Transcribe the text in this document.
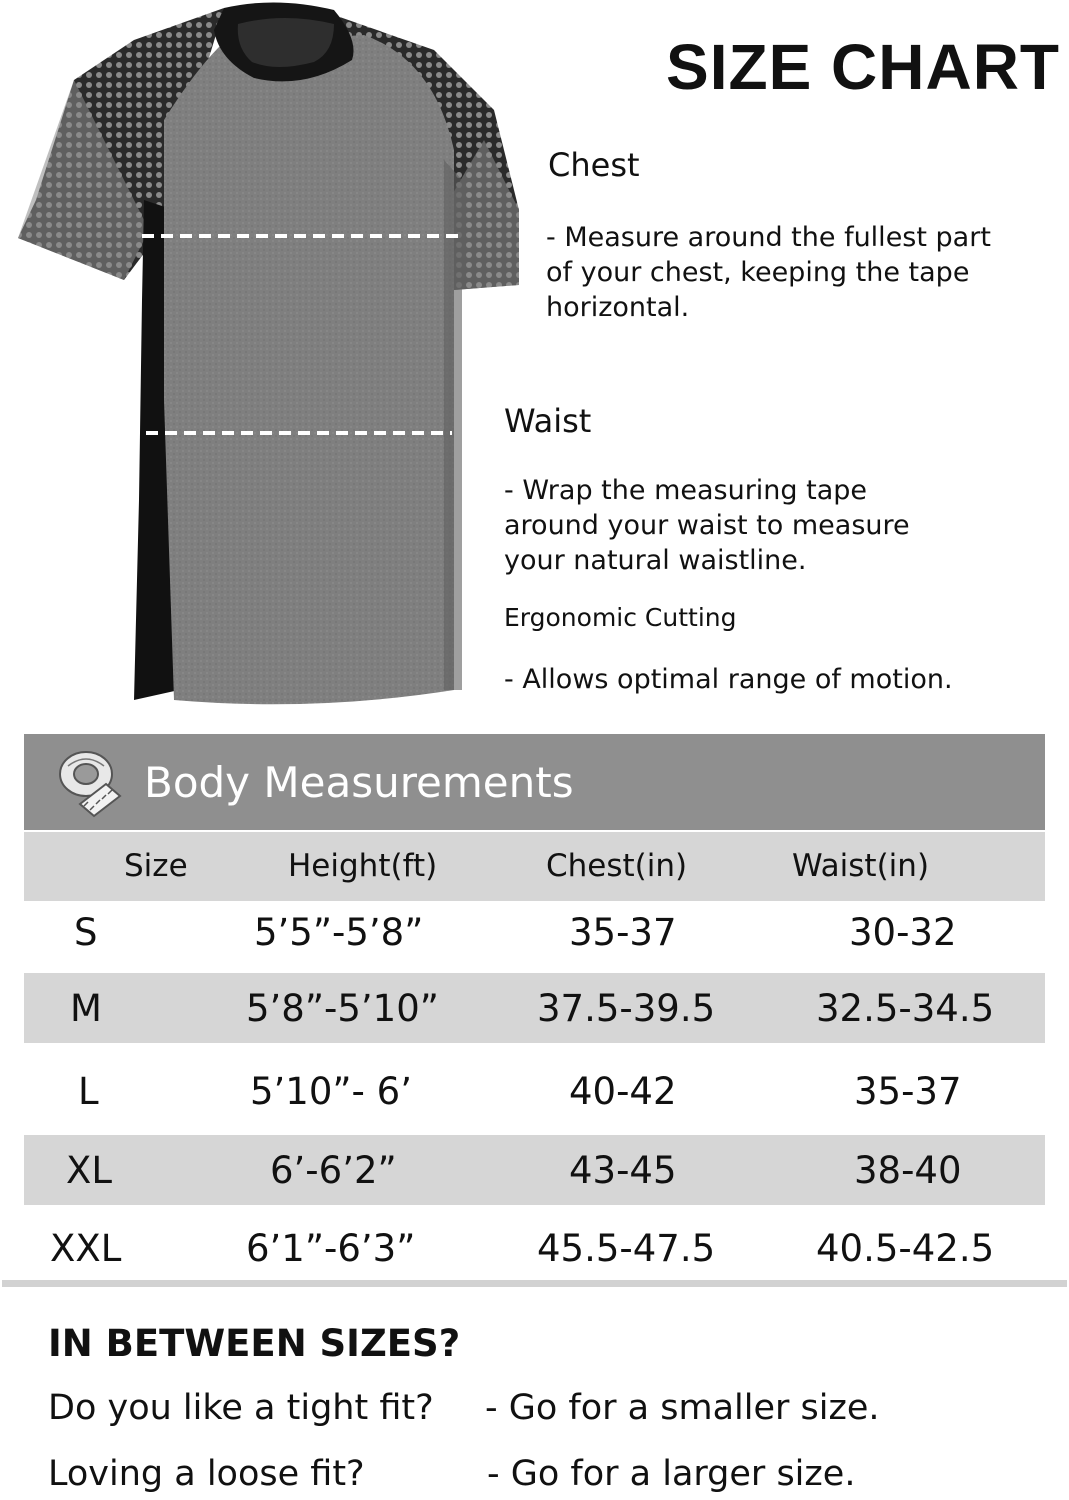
SIZE CHART
Chest
- Measure around the fullest part
of your chest, keeping the tape
horizontal.
Waist
- Wrap the measuring tape
around your waist to measure
your natural waistline.
Ergonomic Cutting
- Allows optimal range of motion.
Body Measurements
Size	Height(ft)	Chest(in)	Waist(in)
S	5’5”-5’8”	35-37	30-32
M	5’8”-5’10”	37.5-39.5	32.5-34.5
L	5’10”- 6’	40-42	35-37
XL	6’-6’2”	43-45	38-40
XXL	6’1”-6’3”	45.5-47.5	40.5-42.5
IN BETWEEN SIZES?
Do you like a tight fit? - Go for a smaller size.
Loving a loose fit?	- Go for a larger size.
